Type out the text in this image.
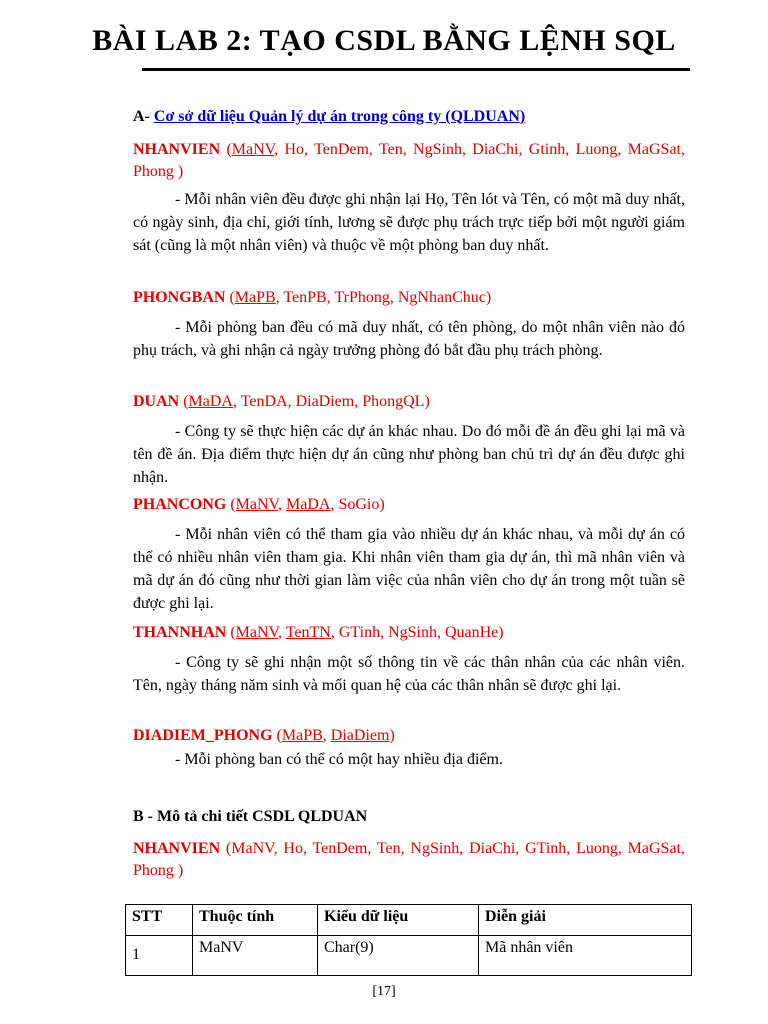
BÀI LAB 2: TẠO CSDL BẰNG LỆNH SQL
A- Cơ sở dữ liệu Quản lý dự án trong công ty (QLDUAN)
NHANVIEN (MaNV, Ho, TenDem, Ten, NgSinh, DiaChi, Gtinh, Luong, MaGSat, Phong )
- Mỗi nhân viên đều được ghi nhận lại Họ, Tên lót và Tên, có một mã duy nhất, có ngày sinh, địa chỉ, giới tính, lương sẽ được phụ trách trực tiếp bởi một người giám sát (cũng là một nhân viên) và thuộc về một phòng ban duy nhất.
PHONGBAN (MaPB, TenPB, TrPhong, NgNhanChuc)
- Mỗi phòng ban đều có mã duy nhất, có tên phòng, do một nhân viên nào đó phụ trách, và ghi nhận cả ngày trưởng phòng đó bắt đầu phụ trách phòng.
DUAN (MaDA, TenDA, DiaDiem, PhongQL)
- Công ty sẽ thực hiện các dự án khác nhau. Do đó mỗi đề án đều ghi lại mã và tên đề án. Địa điểm thực hiện dự án cũng như phòng ban chủ trì dự án đều được ghi nhận.
PHANCONG (MaNV, MaDA, SoGio)
- Mỗi nhân viên có thể tham gia vào nhiều dự án khác nhau, và mỗi dự án có thể có nhiều nhân viên tham gia. Khi nhân viên tham gia dự án, thì mã nhân viên và mã dự án đó cũng như thời gian làm việc của nhân viên cho dự án trong một tuần sẽ được ghi lại.
THANNHAN (MaNV, TenTN, GTinh, NgSinh, QuanHe)
- Công ty sẽ ghi nhận một số thông tin về các thân nhân của các nhân viên. Tên, ngày tháng năm sinh và mối quan hệ của các thân nhân sẽ được ghi lại.
DIADIEM_PHONG (MaPB, DiaDiem)
- Mỗi phòng ban có thể có một hay nhiều địa điểm.
B - Mô tả chi tiết CSDL QLDUAN
NHANVIEN (MaNV, Ho, TenDem, Ten, NgSinh, DiaChi, GTinh, Luong, MaGSat, Phong )
STT	Thuộc tính	Kiểu dữ liệu	Diễn giải
1	MaNV	Char(9)	Mã nhân viên
[17]
